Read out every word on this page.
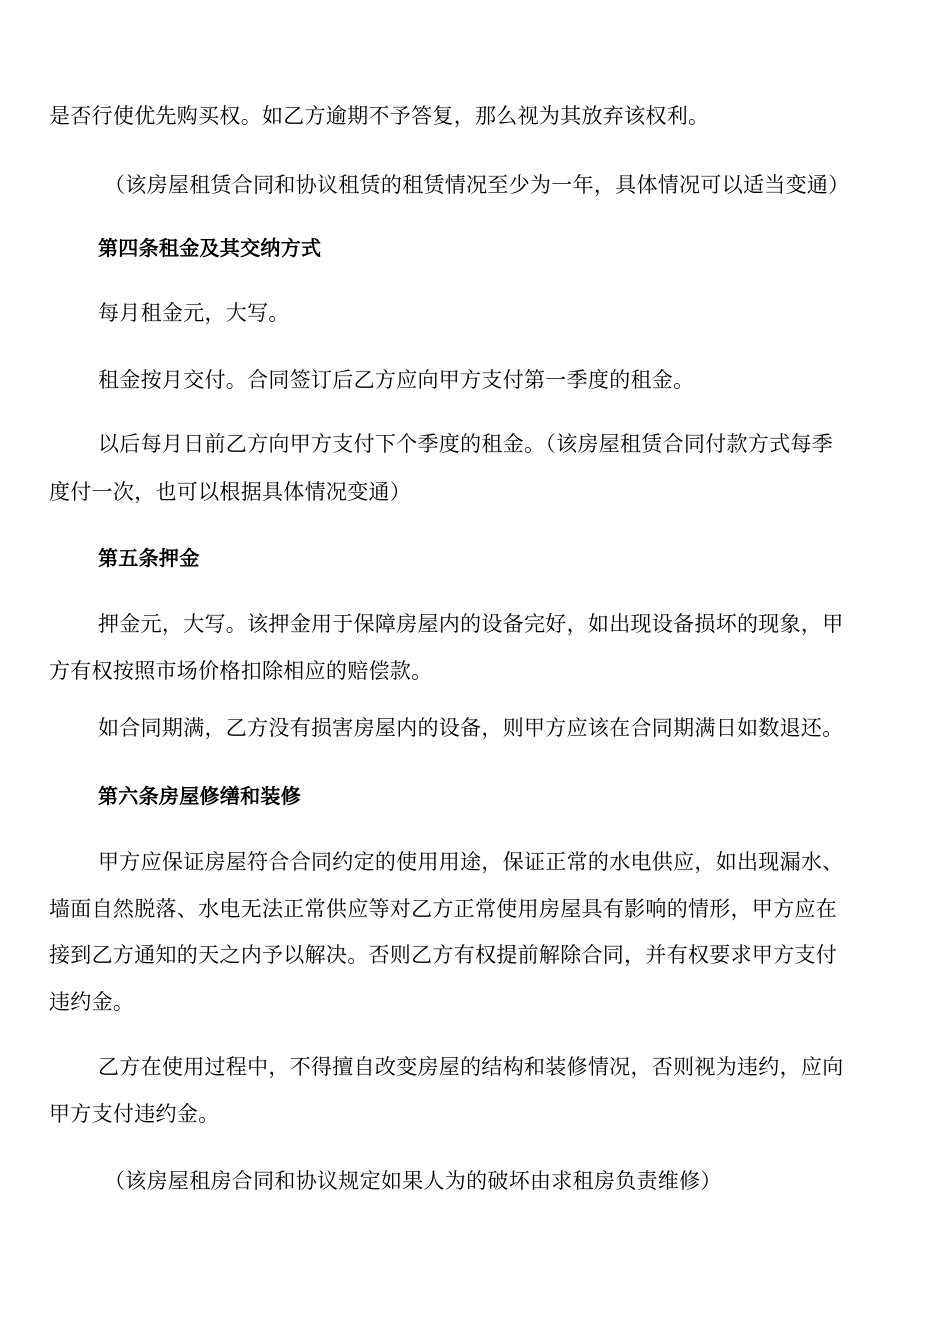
是否行使优先购买权。如乙方逾期不予答复，那么视为其放弃该权利。

（该房屋租赁合同和协议租赁的租赁情况至少为一年，具体情况可以适当变通）

第四条租金及其交纳方式

每月租金元，大写。

租金按月交付。合同签订后乙方应向甲方支付第一季度的租金。

以后每月日前乙方向甲方支付下个季度的租金。（该房屋租赁合同付款方式每季

度付一次，也可以根据具体情况变通）

第五条押金

押金元，大写。该押金用于保障房屋内的设备完好，如出现设备损坏的现象，甲

方有权按照市场价格扣除相应的赔偿款。

如合同期满，乙方没有损害房屋内的设备，则甲方应该在合同期满日如数退还。

第六条房屋修缮和装修

甲方应保证房屋符合合同约定的使用用途，保证正常的水电供应，如出现漏水、

墙面自然脱落、水电无法正常供应等对乙方正常使用房屋具有影响的情形，甲方应在

接到乙方通知的天之内予以解决。否则乙方有权提前解除合同，并有权要求甲方支付

违约金。

乙方在使用过程中，不得擅自改变房屋的结构和装修情况，否则视为违约，应向

甲方支付违约金。

（该房屋租房合同和协议规定如果人为的破坏由求租房负责维修）
